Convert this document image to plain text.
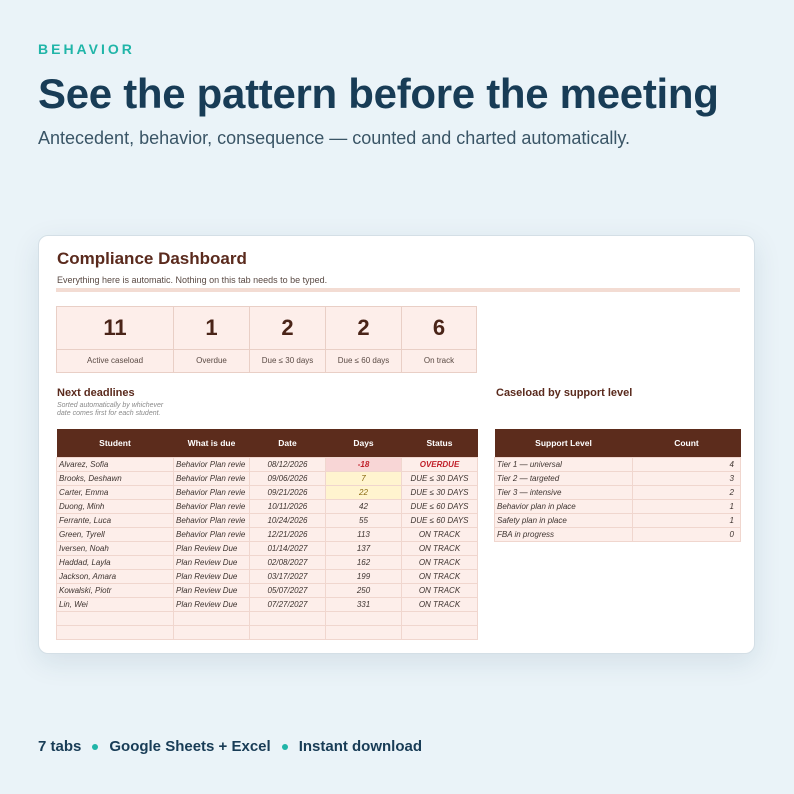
BEHAVIOR
See the pattern before the meeting
Antecedent, behavior, consequence — counted and charted automatically.
Compliance Dashboard
Everything here is automatic. Nothing on this tab needs to be typed.
11
Active caseload
1
Overdue
2
Due ≤ 30 days
2
Due ≤ 60 days
6
On track
Next deadlines
Sorted automatically by whichever date comes first for each student.
Caseload by support level
Student	What is due	Date	Days	Status
Alvarez, Sofia	Behavior Plan revie	08/12/2026	-18	OVERDUE
Brooks, Deshawn	Behavior Plan revie	09/06/2026	7	DUE ≤ 30 DAYS
Carter, Emma	Behavior Plan revie	09/21/2026	22	DUE ≤ 30 DAYS
Duong, Minh	Behavior Plan revie	10/11/2026	42	DUE ≤ 60 DAYS
Ferrante, Luca	Behavior Plan revie	10/24/2026	55	DUE ≤ 60 DAYS
Green, Tyrell	Behavior Plan revie	12/21/2026	113	ON TRACK
Iversen, Noah	Plan Review Due	01/14/2027	137	ON TRACK
Haddad, Layla	Plan Review Due	02/08/2027	162	ON TRACK
Jackson, Amara	Plan Review Due	03/17/2027	199	ON TRACK
Kowalski, Piotr	Plan Review Due	05/07/2027	250	ON TRACK
Lin, Wei	Plan Review Due	07/27/2027	331	ON TRACK

Support Level	Count
Tier 1 — universal	4
Tier 2 — targeted	3
Tier 3 — intensive	2
Behavior plan in place	1
Safety plan in place	1
FBA in progress	0
7 tabs Google Sheets + Excel Instant download
